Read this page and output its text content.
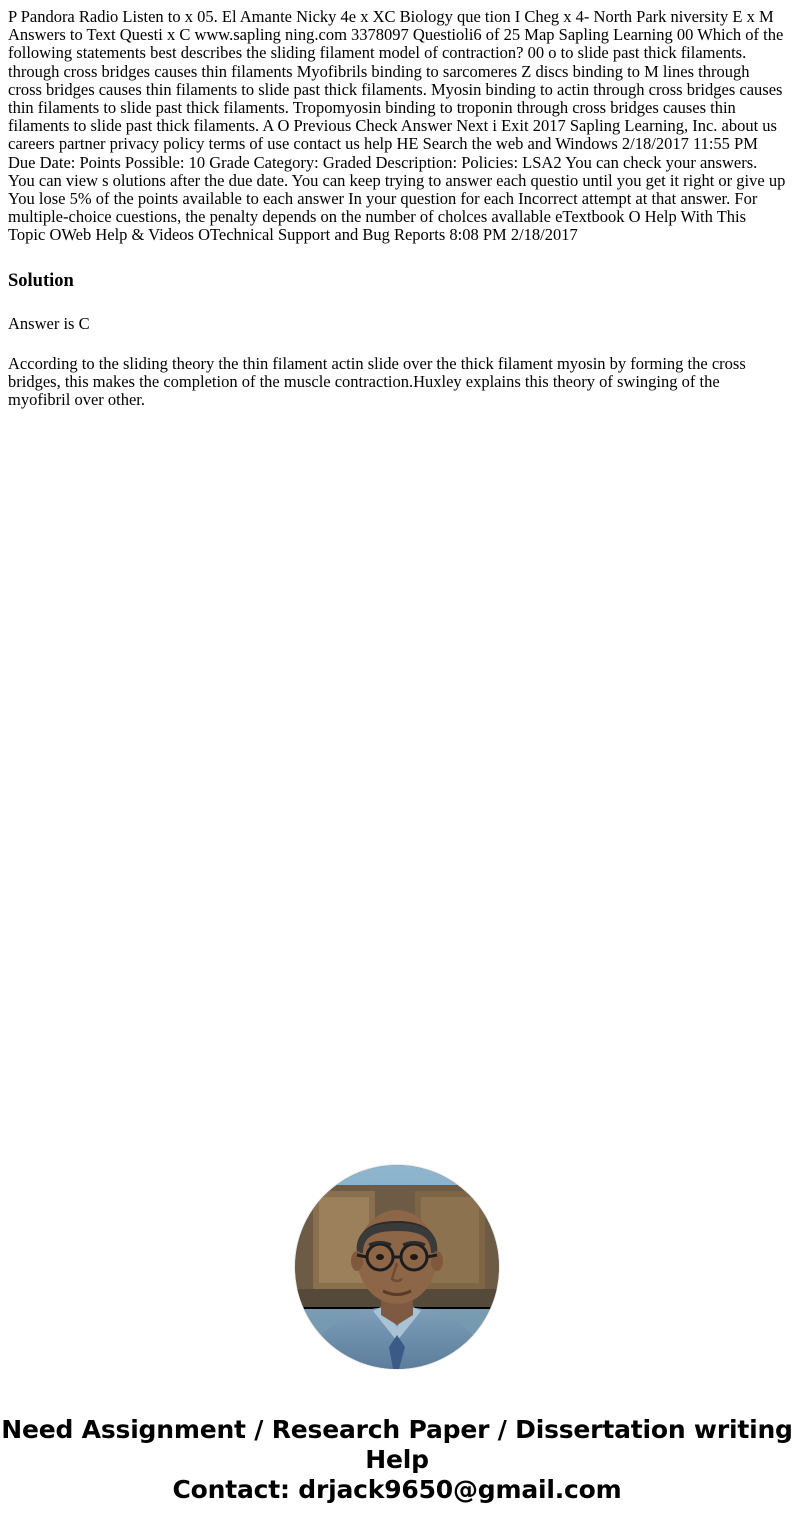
P Pandora Radio Listen to x 05. El Amante Nicky 4e x XC Biology que tion I Cheg x 4- North Park niversity E x M Answers to Text Questi x C www.sapling ning.com 3378097 Questioli6 of 25 Map Sapling Learning 00 Which of the following statements best describes the sliding filament model of contraction? 00 o to slide past thick filaments. through cross bridges causes thin filaments Myofibrils binding to sarcomeres Z discs binding to M lines through cross bridges causes thin filaments to slide past thick filaments. Myosin binding to actin through cross bridges causes thin filaments to slide past thick filaments. Tropomyosin binding to troponin through cross bridges causes thin filaments to slide past thick filaments. A O Previous Check Answer Next i Exit 2017 Sapling Learning, Inc. about us careers partner privacy policy terms of use contact us help HE Search the web and Windows 2/18/2017 11:55 PM Due Date: Points Possible: 10 Grade Category: Graded Description: Policies: LSA2 You can check your answers. You can view s olutions after the due date. You can keep trying to answer each questio until you get it right or give up You lose 5% of the points available to each answer In your question for each Incorrect attempt at that answer. For multiple-choice cuestions, the penalty depends on the number of cholces avallable eTextbook O Help With This Topic OWeb Help & Videos OTechnical Support and Bug Reports 8:08 PM 2/18/2017

Solution

Answer is C

According to the sliding theory the thin filament actin slide over the thick filament myosin by forming the cross bridges, this makes the completion of the muscle contraction.Huxley explains this theory of swinging of the myofibril over other.

Need Assignment / Research Paper / Dissertation writing Help
Contact: drjack9650@gmail.com
